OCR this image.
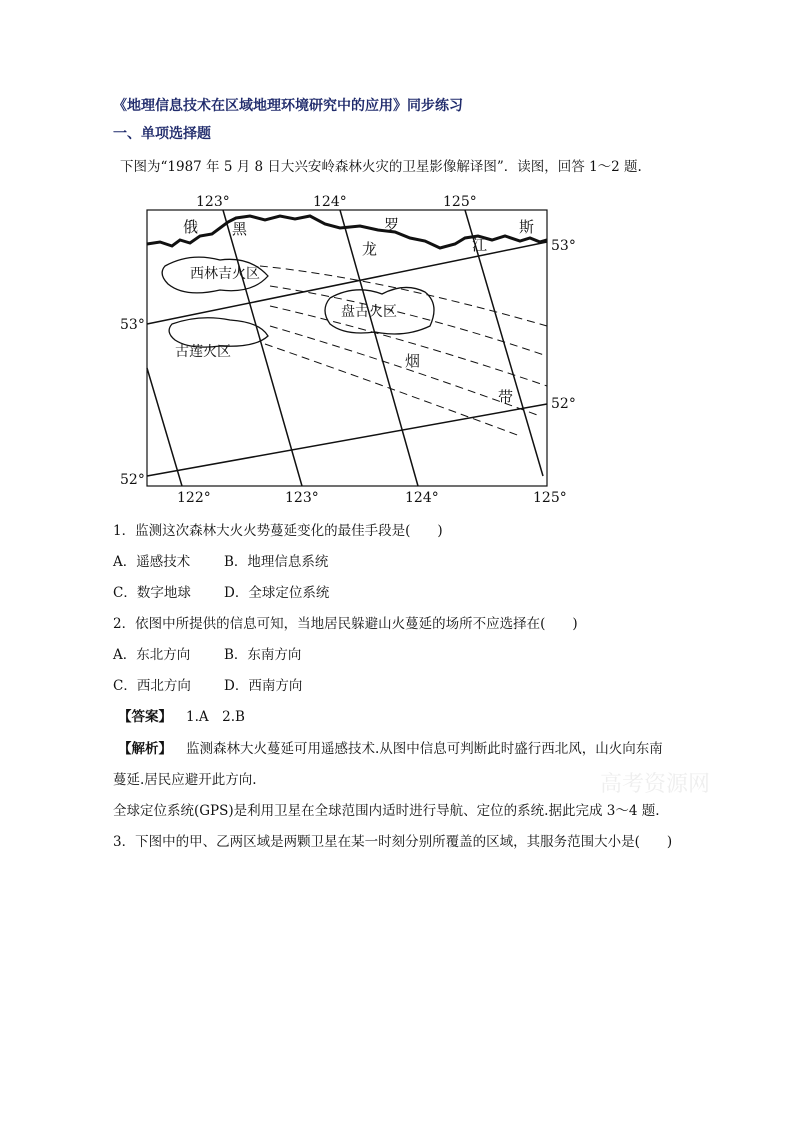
《地理信息技术在区域地理环境研究中的应用》同步练习
一、单项选择题
下图为“1987 年 5 月 8 日大兴安岭森林火灾的卫星影像解译图”．读图，回答 1～2 题.
123°	124°	125°
122°	123°	124°	125°
53°
52°
53°
52°
俄 黑	罗
龙	江
斯
西林吉火区
盘古火区
古莲火区	烟
带
1．监测这次森林大火火势蔓延变化的最佳手段是(　　)
A．遥感技术	B．地理信息系统
C．数字地球 D．全球定位系统
2．依图中所提供的信息可知，当地居民躲避山火蔓延的场所不应选择在(　　)
A．东北方向	B．东南方向
C．西北方向 D．西南方向
【答案】 1.A　2.B
【解析】 监测森林大火蔓延可用遥感技术.从图中信息可判断此时盛行西北风，山火向东南
蔓延.居民应避开此方向.
全球定位系统(GPS)是利用卫星在全球范围内适时进行导航、定位的系统.据此完成 3～4 题.
3．下图中的甲、乙两区域是两颗卫星在某一时刻分别所覆盖的区域，其服务范围大小是(　　)
高考资源网
